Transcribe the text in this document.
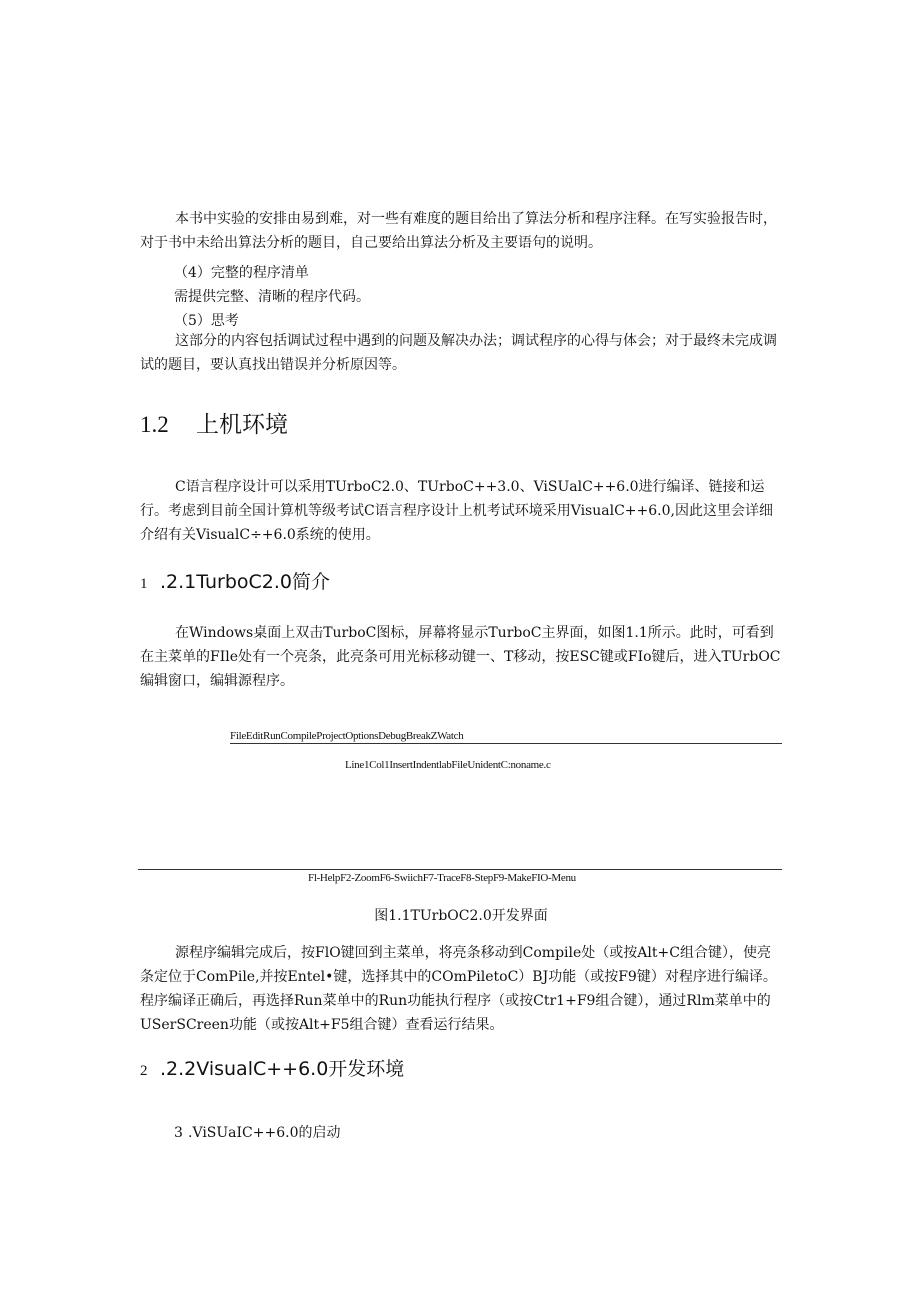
本书中实验的安排由易到难，对一些有难度的题目给出了算法分析和程序注释。在写实验报告时，对于书中未给出算法分析的题目，自己要给出算法分析及主要语句的说明。

（4）完整的程序清单
需提供完整、清晰的程序代码。
（5）思考

这部分的内容包括调试过程中遇到的问题及解决办法；调试程序的心得与体会；对于最终未完成调试的题目，要认真找出错误并分析原因等。

1.2 上机环境

C语言程序设计可以采用TUrboC2.0、TUrboC++3.0、ViSUalC++6.0进行编译、链接和运行。考虑到目前全国计算机等级考试C语言程序设计上机考试环境采用VisualC++6.0,因此这里会详细介绍有关VisualC÷+6.0系统的使用。

1 .2.1TurboC2.0简介

在Windows桌面上双击TurboC图标，屏幕将显示TurboC主界面，如图1.1所示。此时，可看到在主菜单的FIle处有一个亮条，此亮条可用光标移动键一、T移动，按ESC键或FIo键后，进入TUrbOC编辑窗口，编辑源程序。

FileEditRunCompileProjectOptionsDebugBreakZWatch
Line1Col1InsertIndentlabFileUnidentC:noname.c
Fl-HelpF2-ZoomF6-SwiichF7-TraceF8-StepF9-MakeFIO-Menu
图1.1TUrbOC2.0开发界面

源程序编辑完成后，按FlO键回到主菜单，将亮条移动到Compile处（或按Alt+C组合键），使亮条定位于ComPile,并按Entel•键，选择其中的COmPiletoC）BJ功能（或按F9键）对程序进行编译。程序编译正确后，再选择Run菜单中的Run功能执行程序（或按Ctr1+F9组合键），通过Rlm菜单中的USerSCreen功能（或按Alt+F5组合键）查看运行结果。

2 .2.2VisualC++6.0开发环境
3 .ViSUaIC++6.0的启动
